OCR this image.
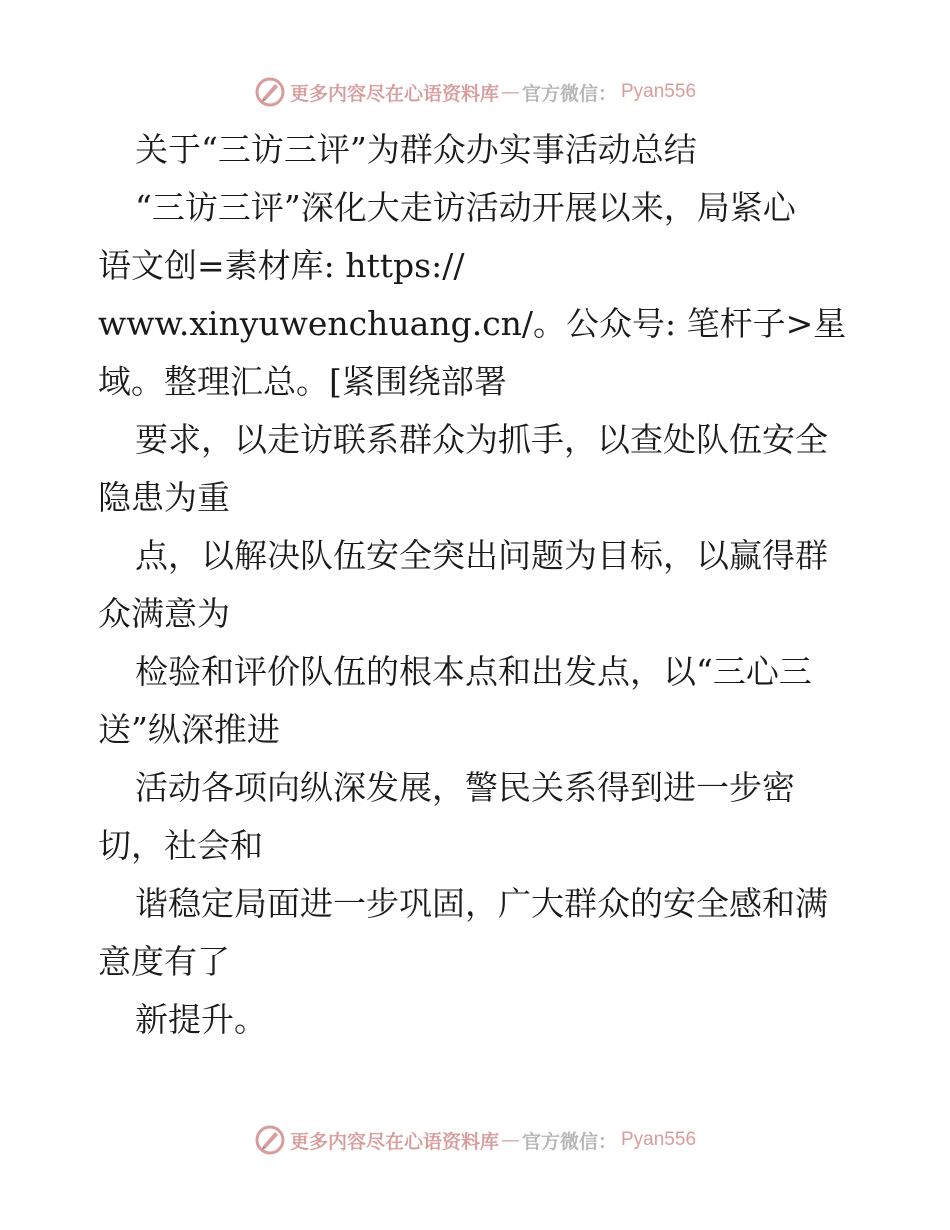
更多内容尽在心语资料库 — 官方微信： Pyan556
关于“三访三评”为群众办实事活动总结
“三访三评”深化大走访活动开展以来，局紧心
语文创=素材库: https://
www.xinyuwenchuang.cn/。公众号: 笔杆子>星
域。整理汇总。[紧围绕部署
要求，以走访联系群众为抓手，以查处队伍安全
隐患为重
点，以解决队伍安全突出问题为目标，以赢得群
众满意为
检验和评价队伍的根本点和出发点，以“三心三
送”纵深推进
活动各项向纵深发展，警民关系得到进一步密
切，社会和
谐稳定局面进一步巩固，广大群众的安全感和满
意度有了
新提升。
更多内容尽在心语资料库 — 官方微信： Pyan556
